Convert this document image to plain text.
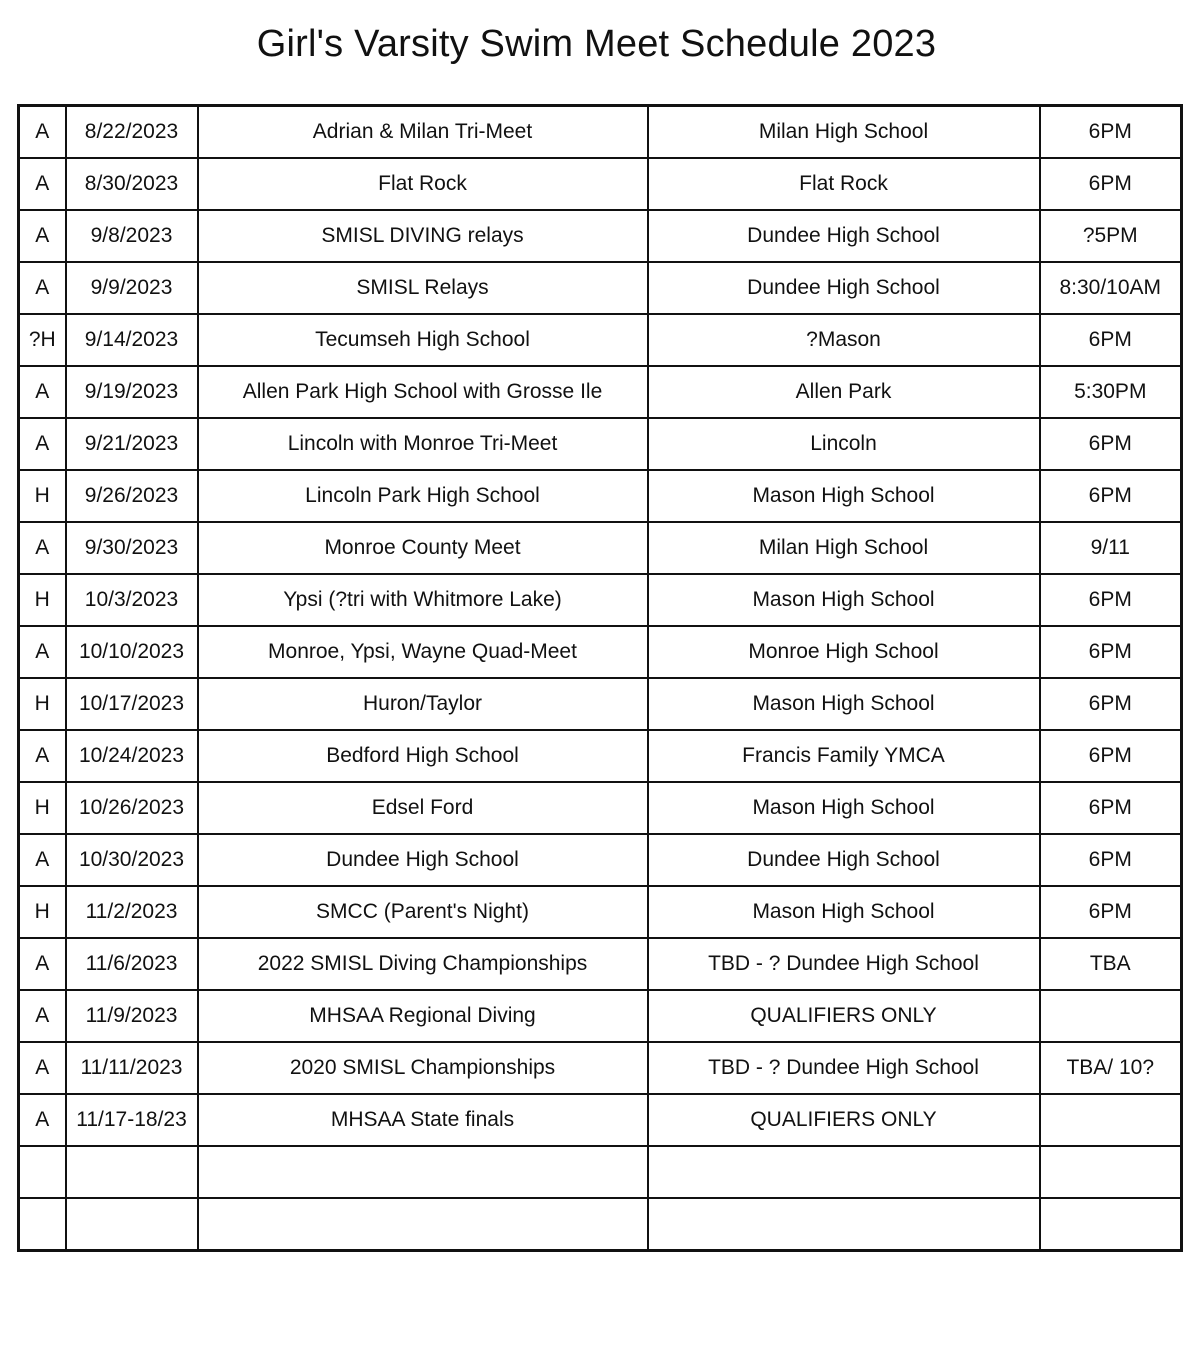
Girl's Varsity Swim Meet Schedule 2023
A	8/22/2023	Adrian & Milan Tri-Meet	Milan High School	6PM
A	8/30/2023	Flat Rock	Flat Rock	6PM
A	9/8/2023	SMISL DIVING relays	Dundee High School	?5PM
A	9/9/2023	SMISL Relays	Dundee High School	8:30/10AM
?H	9/14/2023	Tecumseh High School	?Mason	6PM
A	9/19/2023	Allen Park High School with Grosse Ile	Allen Park	5:30PM
A	9/21/2023	Lincoln with Monroe Tri-Meet	Lincoln	6PM
H	9/26/2023	Lincoln Park High School	Mason High School	6PM
A	9/30/2023	Monroe County Meet	Milan High School	9/11
H	10/3/2023	Ypsi (?tri with Whitmore Lake)	Mason High School	6PM
A	10/10/2023	Monroe, Ypsi, Wayne Quad-Meet	Monroe High School	6PM
H	10/17/2023	Huron/Taylor	Mason High School	6PM
A	10/24/2023	Bedford High School	Francis Family YMCA	6PM
H	10/26/2023	Edsel Ford	Mason High School	6PM
A	10/30/2023	Dundee High School	Dundee High School	6PM
H	11/2/2023	SMCC (Parent's Night)	Mason High School	6PM
A	11/6/2023	2022 SMISL Diving Championships	TBD - ? Dundee High School	TBA
A	11/9/2023	MHSAA Regional Diving	QUALIFIERS ONLY	
A	11/11/2023	2020 SMISL Championships	TBD - ? Dundee High School	TBA/ 10?
A	11/17-18/23	MHSAA State finals	QUALIFIERS ONLY	
